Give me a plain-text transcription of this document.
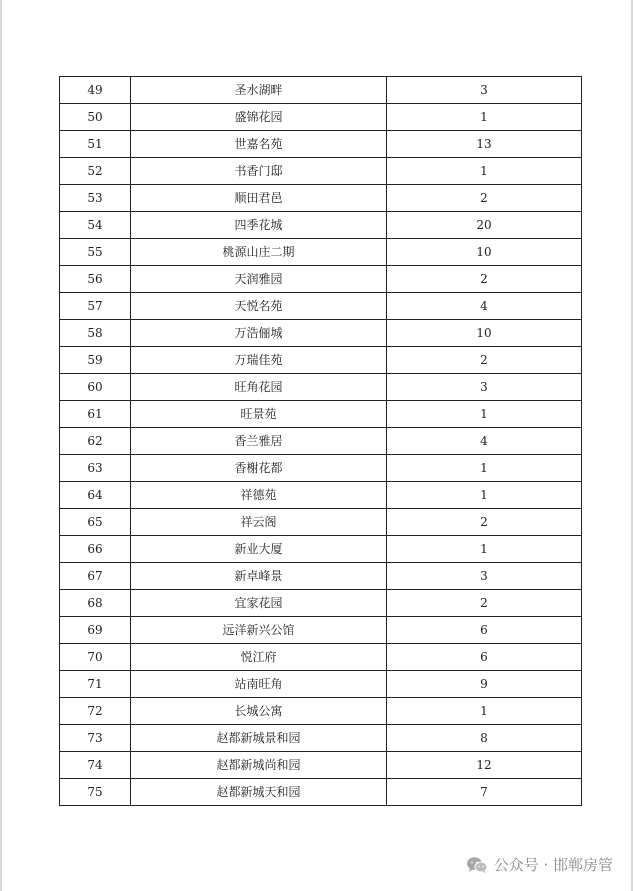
49	圣水湖畔	3
50	盛锦花园	1
51	世嘉名苑	13
52	书香门邸	1
53	顺田君邑	2
54	四季花城	20
55	桃源山庄二期	10
56	天润雅园	2
57	天悦名苑	4
58	万浩俪城	10
59	万瑞佳苑	2
60	旺角花园	3
61	旺景苑	1
62	香兰雅居	4
63	香榭花都	1
64	祥德苑	1
65	祥云阁	2
66	新业大厦	1
67	新卓峰景	3
68	宜家花园	2
69	远洋新兴公馆	6
70	悦江府	6
71	站南旺角	9
72	长城公寓	1
73	赵都新城景和园	8
74	赵都新城尚和园	12
75	赵都新城天和园	7
公众号 · 邯郸房管
